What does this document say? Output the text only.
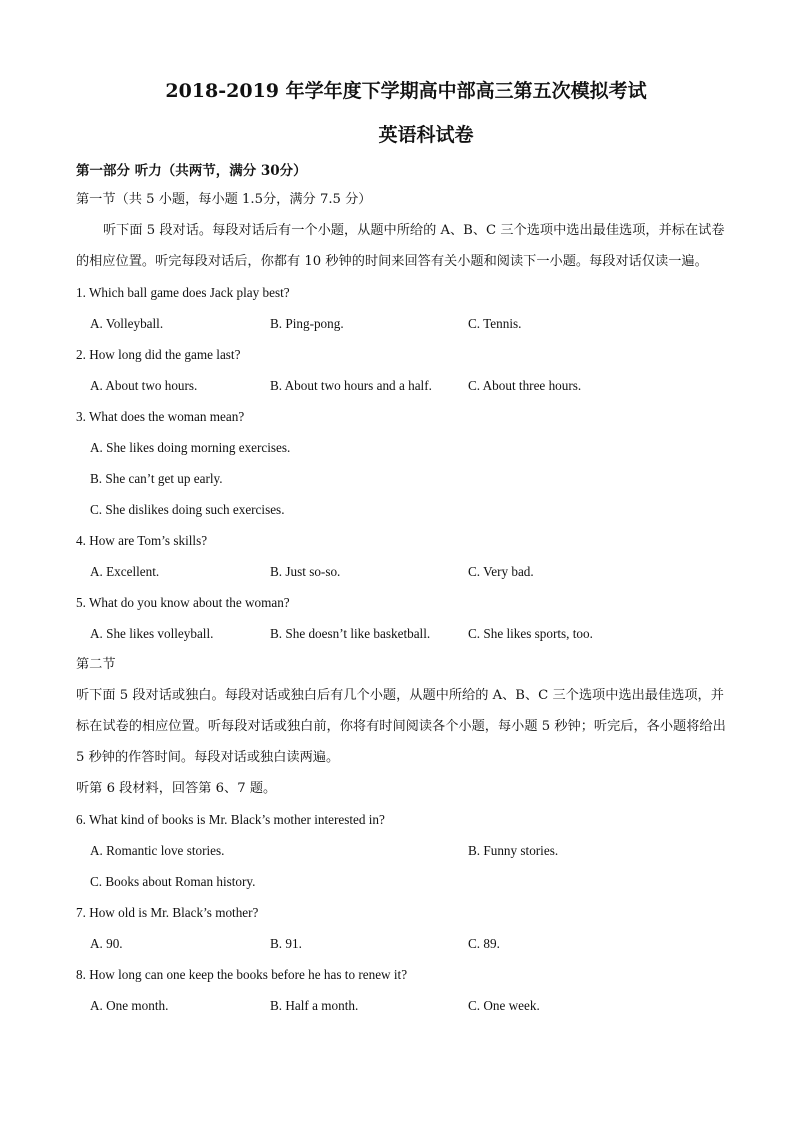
2018-2019 年学年度下学期高中部高三第五次模拟考试
英语科试卷
第一部分 听力（共两节，满分 30分）
第一节（共 5 小题，每小题 1.5分，满分 7.5 分）
听下面 5 段对话。每段对话后有一个小题，从题中所给的 A、B、C 三个选项中选出最佳选项，并标在试卷的相应位置。听完每段对话后，你都有 10 秒钟的时间来回答有关小题和阅读下一小题。每段对话仅读一遍。
1. Which ball game does Jack play best?
A. Volleyball.	B. Ping-pong.	C. Tennis.
2. How long did the game last?
A. About two hours.	B. About two hours and a half.	C. About three hours.
3. What does the woman mean?
A. She likes doing morning exercises.
B. She can’t get up early.
C. She dislikes doing such exercises.
4. How are Tom’s skills?
A. Excellent.	B. Just so-so.	C. Very bad.
5. What do you know about the woman?
A. She likes volleyball.	B. She doesn’t like basketball.	C. She likes sports, too.
第二节
听下面 5 段对话或独白。每段对话或独白后有几个小题，从题中所给的 A、B、C 三个选项中选出最佳选项，并标在试卷的相应位置。听每段对话或独白前，你将有时间阅读各个小题，每小题 5 秒钟；听完后，各小题将给出 5 秒钟的作答时间。每段对话或独白读两遍。
听第 6 段材料，回答第 6、7 题。
6. What kind of books is Mr. Black’s mother interested in?
A. Romantic love stories.	B. Funny stories.
C. Books about Roman history.
7. How old is Mr. Black’s mother?
A. 90.	B. 91.	C. 89.
8. How long can one keep the books before he has to renew it?
A. One month.	B. Half a month.	C. One week.
